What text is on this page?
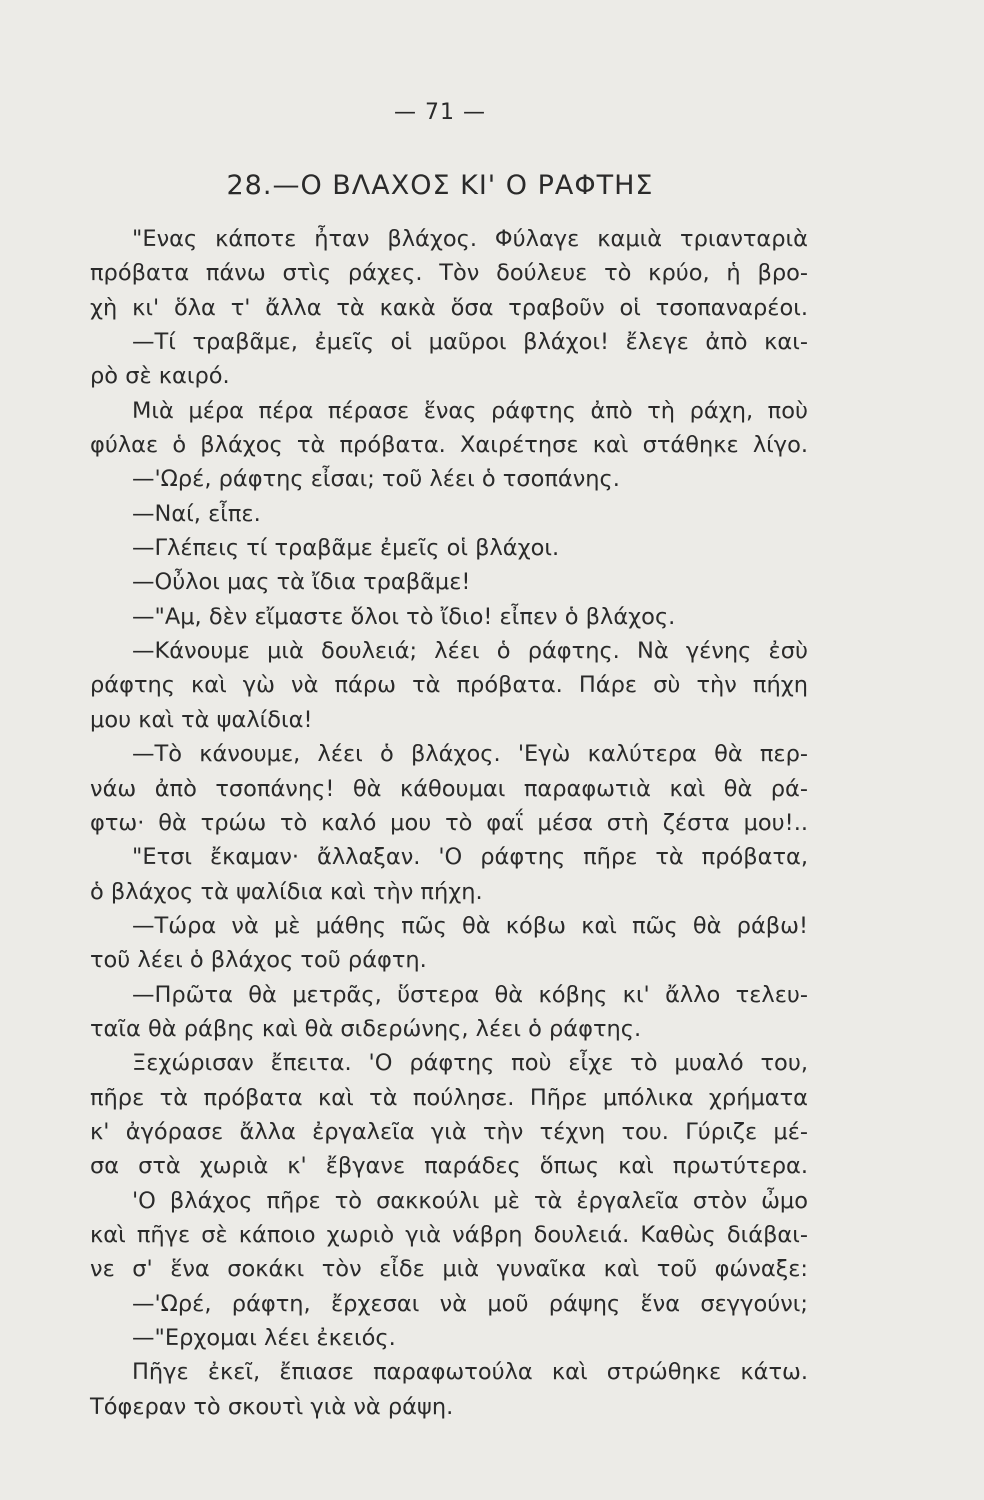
— 71 —
28.—Ο ΒΛΑΧΟΣ ΚΙ' Ο ΡΑΦΤΗΣ
"Ενας κάποτε ἦταν βλάχος. Φύλαγε καμιὰ τριανταριὰ
πρόβατα πάνω στὶς ράχες. Τὸν δούλευε τὸ κρύο, ἡ βρο-
χὴ κι' ὅλα τ' ἄλλα τὰ κακὰ ὅσα τραβοῦν οἱ τσοπαναρέοι.
—Τί τραβᾶμε, ἐμεῖς οἱ μαῦροι βλάχοι! ἔλεγε ἀπὸ και-
ρὸ σὲ καιρό.
Μιὰ μέρα πέρα πέρασε ἕνας ράφτης ἀπὸ τὴ ράχη, ποὺ
φύλαε ὁ βλάχος τὰ πρόβατα. Χαιρέτησε καὶ στάθηκε λίγο.
—'Ωρέ, ράφτης εἶσαι; τοῦ λέει ὁ τσοπάνης.
—Ναί, εἶπε.
—Γλέπεις τί τραβᾶμε ἐμεῖς οἱ βλάχοι.
—Οὖλοι μας τὰ ἴδια τραβᾶμε!
—"Αμ, δὲν εἴμαστε ὅλοι τὸ ἴδιο! εἶπεν ὁ βλάχος.
—Κάνουμε μιὰ δουλειά; λέει ὁ ράφτης. Νὰ γένης ἐσὺ
ράφτης καὶ γὼ νὰ πάρω τὰ πρόβατα. Πάρε σὺ τὴν πήχη
μου καὶ τὰ ψαλίδια!
—Τὸ κάνουμε, λέει ὁ βλάχος. 'Εγὼ καλύτερα θὰ περ-
νάω ἀπὸ τσοπάνης! θὰ κάθουμαι παραφωτιὰ καὶ θὰ ρά-
φτω· θὰ τρώω τὸ καλό μου τὸ φαΐ μέσα στὴ ζέστα μου!..
"Ετσι ἔκαμαν· ἄλλαξαν. 'Ο ράφτης πῆρε τὰ πρόβατα,
ὁ βλάχος τὰ ψαλίδια καὶ τὴν πήχη.
—Τώρα νὰ μὲ μάθης πῶς θὰ κόβω καὶ πῶς θὰ ράβω!
τοῦ λέει ὁ βλάχος τοῦ ράφτη.
—Πρῶτα θὰ μετρᾶς, ὕστερα θὰ κόβης κι' ἄλλο τελευ-
ταῖα θὰ ράβης καὶ θὰ σιδερώνης, λέει ὁ ράφτης.
Ξεχώρισαν ἔπειτα. 'Ο ράφτης ποὺ εἶχε τὸ μυαλό του,
πῆρε τὰ πρόβατα καὶ τὰ πούλησε. Πῆρε μπόλικα χρήματα
κ' ἀγόρασε ἄλλα ἐργαλεῖα γιὰ τὴν τέχνη του. Γύριζε μέ-
σα στὰ χωριὰ κ' ἔβγανε παράδες ὅπως καὶ πρωτύτερα.
'Ο βλάχος πῆρε τὸ σακκούλι μὲ τὰ ἐργαλεῖα στὸν ὦμο
καὶ πῆγε σὲ κάποιο χωριὸ γιὰ νάβρη δουλειά. Καθὼς διάβαι-
νε σ' ἕνα σοκάκι τὸν εἶδε μιὰ γυναῖκα καὶ τοῦ φώναξε:
—'Ωρέ, ράφτη, ἔρχεσαι νὰ μοῦ ράψης ἕνα σεγγούνι;
—"Ερχομαι λέει ἐκειός.
Πῆγε ἐκεῖ, ἔπιασε παραφωτούλα καὶ στρώθηκε κάτω.
Τόφεραν τὸ σκουτὶ γιὰ νὰ ράψη.
